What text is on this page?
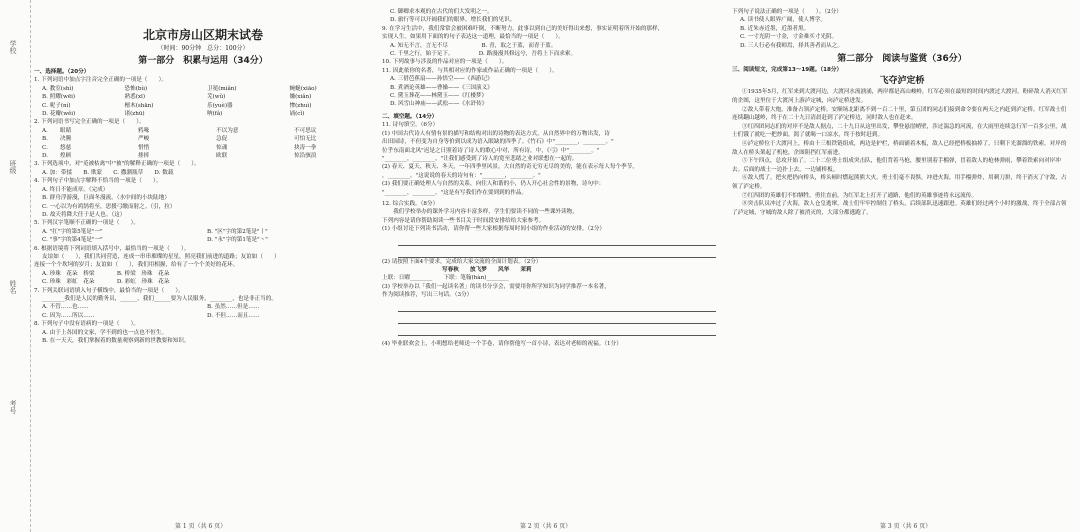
学校
班级
姓名
考号
北京市房山区期末试卷
（时间：90分钟　总分：100分）
第一部分　积累与运用（34分）
一、选择题。（20分）
1. 下列词语中加点字注音完全正确的一项是（　　）。
A. 教室(shì)	恐怖(bù)	卫冕(miǎn)	蜿蜒(xiāo)
B. 照耀(wēi)	熟悉(xī)	芜(wǔ)	嫌(xiǎn)
C. 呢子(ní)	檀木(shān)	乐(yuè)器	惨(zhuì)
D. 花瓣(wěi)	诸(zhū)	呐(fǎ)	诵(cǐ)
2. 下列词语书写完全正确的一项是（　　）。
A.	眼睛	鸦喙	不以为意	不可思议
B.	决腾	严峻	急促	可怕无比
C.	悠慈	惜惜	惊魂	抉涛一拳
D.	煌顾	排摔	欧联	惊沿骇浪
3. 下列选项中，对"觅被枯禽"中"被"的解释正确的一项是（　　）。
A. 加：带揉　　B. 欺蒙　　C. 撒潮瓶草　　D. 数载
4. 下列句子中加点字解释不恰当的一项是（　　）。
A. 终日不能成章。（完成）
B. 群舟浮游漫，巨面冬漫流。（水中间的小块陆地）
C. 一心以为有鸿鹄将至，思援弓缴而射之。（引，拉）
D. 故天将降大任于是人也。（这）
5. 下列汉字笔顺不正确的一项是（　　）。
A. "扛"字的第5笔是"一"	B. "区"字的第2笔是"丨"
C. "事"字的第4笔是"一"	D. "永"字的第1笔是"丶"
6. 根据语境将下列词语填入括号中，最恰当的一项是（　　）。
友谊如（　　），我们共同营造，连成一串串璀璨的星星，照亮我们前进的道路；友谊如（　　）
连接一个个坎坷的岁月；友谊如（　　），我们用相握，给有了一个个美好的花环。
A. 珍珠　 花朵　 桥梁　　　　	B. 桥梁　 珍珠　 花朵
C. 珍珠　 彩虹　 花朵　　　　	D. 彩虹　 珍珠　 花朵
7. 下列关联词语填入句子横线中，最恰当的一项是（　　）。
________我们是人民的勤务员，______，我们______要为人民服务，________，也是非正当的。
A. 不管……也……	B. 虽然……但是……
C. 因为……所以……	D. 不但……而且……
8. 下列句子中没有语病的一项是（　　）。
A. 由于上各国的文家，学不到的也一点也不恒生。
B. 在一天天，我们掌握着的数量观察到新的世教要和知识。
第 1 页（共 6 页）
C. 御卿求本观的在古代的们大发明之一。
D. 旅行等可以开阔我们的眼界，增长我们的见识。
9. 在学习生活中，我们常常会被困难吓倒，不断努力，此事以到自己的美好得出来想，事实证明着所开始的那样，
实现人生。如果用下面的的句子表达这一道理，最恰当的一项是（　　）。
A. 知无不言，言无不尽　　　　　　B. 青，取之于蓝，而青于蓝。
C. 千里之行，始于足下。　　　　　D. 路漫漫其修远兮，吾将上下而求索。
10. 下列故事与涉及的作品对应的一项是（　　）。
11. 因此依你的名著，与其相对应的作家或作品正确的一项是（　　）。
A. 三借芭蕉扇——孙悟空——《西游记》
B. 煮酒论英雄——曹操——《三国演义》
C. 黛玉葬花——林黛玉——《红楼梦》
D. 风雪山神庙——武松——《水浒传》
二、填空题。（14分）
11. 诗句填空。（6分）
(1) 中国古代诗人有情有景的描写和结构对出的诗物的表达方式，从自然界中的万物出发，诗
出田园诗，不但变为自身等价到以成为语入眼缺的四季了。《竹石》中"________，________。"
位乎东南面北风"迟是之日照着诗了诗人的歌心中对，所有诗，中，《弓》中"________。"
"________，________。"让我们感受到了诗人的宽至悲绪之业对联想在一起的。
(2) 春天、夏天、秋天、冬天，一年四季里风景，大自然的奇无穷无尽的美的，能在表示每人每个季节，
，________。"这说说的春天的诗句有："________，________。"
(3) 我们要正确处理人与自然的关系，向往人和谐的小，仍人开心社会性的景物，诗句中：
"________，________。"这是有写我们作在要到到的作品。
12. 综合实践。（8分）
　　我们学校举办的课外学习内容丰富多样，学生们要读不同的一些课外读物，
下列内容是请你帮助阅读一些书目关于时间段安排给给大家参考。
(1) 小组讨论下列读书活动，请你帮一些大家根据每周时间小组的作业活动的安排。（2分）
(2) 请按照下面4个要求，完成给大家交流的全面计划表。（2分）
写春秋　　 放飞梦　　 风华　　 茉莉
上联：日曜________　　下联：笔翰(hàn)________
(3) 学校举办以「我们一起读名著」的读书分享会，需要用你所学知识为同学推荐一本名著，
作为阅读推荐，写出三句话。（3分）
(4) 毕业联欢会上，小明想给老师送一个手卷，请你帮他写一首小诗，表达对老师的祝福。（1分）
第 2 页（共 6 页）
下列句子说法正确的一项是（　　）。（2分）
A. 读书使人眼界广阔，使人博学。
B. 近朱赤近墨，近墨者黑。
C. 一寸光阴一寸金，寸金难买寸光阴。
D. 三人行必有我师焉，择其善者而从之。
第二部分　阅读与鉴赏（36分）
三、阅读短文，完成第13～19题。（18分）
飞夺泸定桥
①1935年5月，红军来到大渡河边，大渡河水流汹涌，两岸都是高山峻岭，红军必须在最短的时间内渡过大渡河，粉碎敌人消灭红军的企图，这里位于大渡河上游泸定城，向泸定桥进发。
②敌人带着大炮，准备占领泸定桥。安顺场北距离不到一百二十里，第五团的同志们接到命令要在两天之内赶到泸定桥。红军战士们连续翻山越岭，终于在二十九日清晨赶到了泸定桥边，同时敌人也在赶来。
③红四团同志们的对岸不是敌人据点，二十九日从这里出发，攀登悬崖峭壁，涉过湍急的河流，在大雨里连续急行军一百多公里，战士们饿了就吃一把炒面，渴了就喝一口凉水，终于按时赶到。
④泸定桥位于大渡河上，桥由十三根铁链组成，两边是护栏，桥面铺着木板，敌人已经把桥板抽掉了，只剩下光溜溜的铁索。对岸的敌人在桥头架起了机枪，企图阻挡红军前进。
⑤下午四点，总攻开始了。二十二位勇士组成突击队，他们背着马枪，腰里别着手榴弹，冒着敌人的枪林弹雨，攀着铁索向对岸冲去。后面的战士一边扑上去，一边铺桥板。
⑥敌人慌了，把火把扔向桥头，桥头顿时燃起熊熊大火。勇士们毫不畏惧，冲进火海，用手榴弹炸，用刺刀拼，终于消灭了守敌，占领了泸定桥。
⑦红四团的英雄们不怕牺牲，勇往直前，为红军北上打开了通路，他们的英雄事迹将永远流传。
⑧突击队员冲过了火海，敌人仓皇逃窜，战士们牢牢控制住了桥头，后续部队迅速跟进。英雄们经过两个小时的激战，终于全部占领了泸定城，守城的敌人除了被消灭的，大部分都逃跑了。
第 3 页（共 6 页）
